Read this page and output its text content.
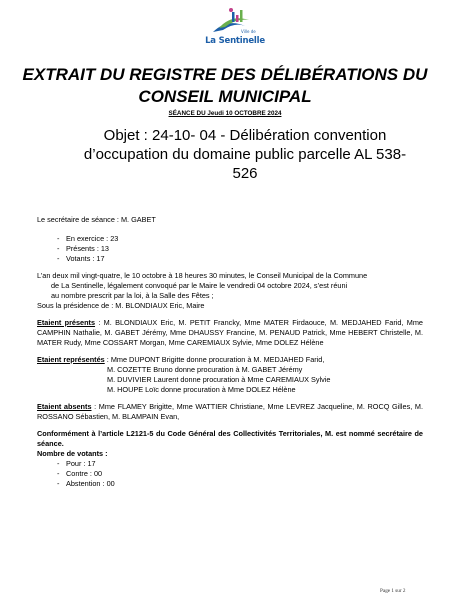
Ville de
La Sentinelle
EXTRAIT DU REGISTRE DES DÉLIBÉRATIONS DU
CONSEIL MUNICIPAL
SÉANCE DU Jeudi 10 OCTOBRE 2024
Objet : 24-10- 04 - Délibération convention
d’occupation du domaine public parcelle AL 538-
526

Le secrétaire de séance : M. GABET

- En exercice : 23
- Présents : 13
- Votants : 17

L’an deux mil vingt-quatre, le 10 octobre à 18 heures 30 minutes, le Conseil Municipal de la Commune

de La Sentinelle, légalement convoqué par le Maire le vendredi 04 octobre 2024, s’est réuni

au nombre prescrit par la loi, à la Salle des Fêtes ;

Sous la présidence de : M. BLONDIAUX Eric, Maire

Etaient présents : M. BLONDIAUX Eric, M. PETIT Francky, Mme MATER Firdaouce, M. MEDJAHED Farid, Mme CAMPHIN Nathalie, M. GABET Jérémy, Mme DHAUSSY Francine, M. PENAUD Patrick, Mme HEBERT Christelle, M. MATER Rudy, Mme COSSART Morgan, Mme CAREMIAUX Sylvie, Mme DOLEZ Hélène

Etaient représentés : Mme DUPONT Brigitte donne procuration à M. MEDJAHED Farid,

M. COZETTE Bruno donne procuration à M. GABET Jérémy

M. DUVIVIER Laurent donne procuration à Mme CAREMIAUX Sylvie

M. HOUPE Loïc donne procuration à Mme DOLEZ Hélène

Etaient absents : Mme FLAMEY Brigitte, Mme WATTIER Christiane, Mme LEVREZ Jacqueline, M. ROCQ Gilles, M. ROSSANO Sébastien, M. BLAMPAIN Evan,

Conformément à l’article L2121-5 du Code Général des Collectivités Territoriales, M. est nommé secrétaire de séance.

Nombre de votants :

- Pour : 17
- Contre : 00
- Abstention : 00
Page 1 sur 2
